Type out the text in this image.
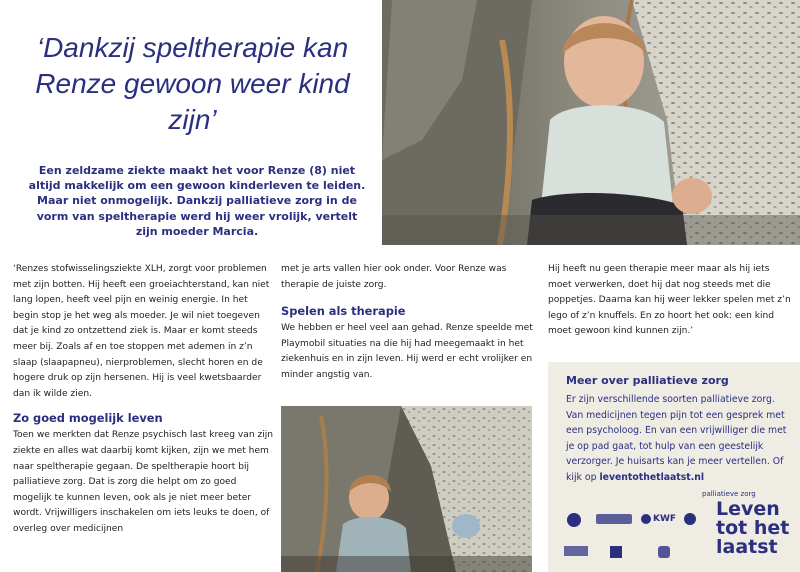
‘Dankzij speltherapie kan Renze gewoon weer kind zijn’

Een zeldzame ziekte maakt het voor Renze (8) niet altijd makkelijk om een gewoon kinderleven te leiden. Maar niet onmogelijk. Dankzij palliatieve zorg in de vorm van speltherapie werd hij weer vrolijk, vertelt zijn moeder Marcia.

‘Renzes stofwisselingsziekte XLH, zorgt voor problemen met zijn botten. Hij heeft een groeiachterstand, kan niet lang lopen, heeft veel pijn en weinig energie. In het begin stop je het weg als moeder. Je wil niet toegeven dat je kind zo ontzettend ziek is. Maar er komt steeds meer bij. Zoals af en toe stoppen met ademen in z’n slaap (slaapapneu), nierproblemen, slecht horen en de hogere druk op zijn hersenen. Hij is veel kwetsbaarder dan ik wilde zien.

Zo goed mogelijk leven

Toen we merkten dat Renze psychisch last kreeg van zijn ziekte en alles wat daarbij komt kijken, zijn we met hem naar speltherapie gegaan. De speltherapie hoort bij palliatieve zorg. Dat is zorg die helpt om zo goed mogelijk te kunnen leven, ook als je niet meer beter wordt. Vrijwilligers inschakelen om iets leuks te doen, of overleg over medicijnen

met je arts vallen hier ook onder. Voor Renze was therapie de juiste zorg.

Spelen als therapie

We hebben er heel veel aan gehad. Renze speelde met Playmobil situaties na die hij had meegemaakt in het ziekenhuis en in zijn leven. Hij werd er echt vrolijker en minder angstig van.

Hij heeft nu geen therapie meer maar als hij iets moet verwerken, doet hij dat nog steeds met die poppetjes. Daarna kan hij weer lekker spelen met z’n lego of z’n knuffels. En zo hoort het ook: een kind moet gewoon kind kunnen zijn.’

Meer over palliatieve zorg

Er zijn verschillende soorten palliatieve zorg. Van medicijnen tegen pijn tot een gesprek met een psycholoog. En van een vrijwilliger die met je op pad gaat, tot hulp van een geestelijk verzorger. Je huisarts kan je meer vertellen. Of kijk op leventothetlaatst.nl

palliatieve zorg
Leven
tot het
laatst
KWF
